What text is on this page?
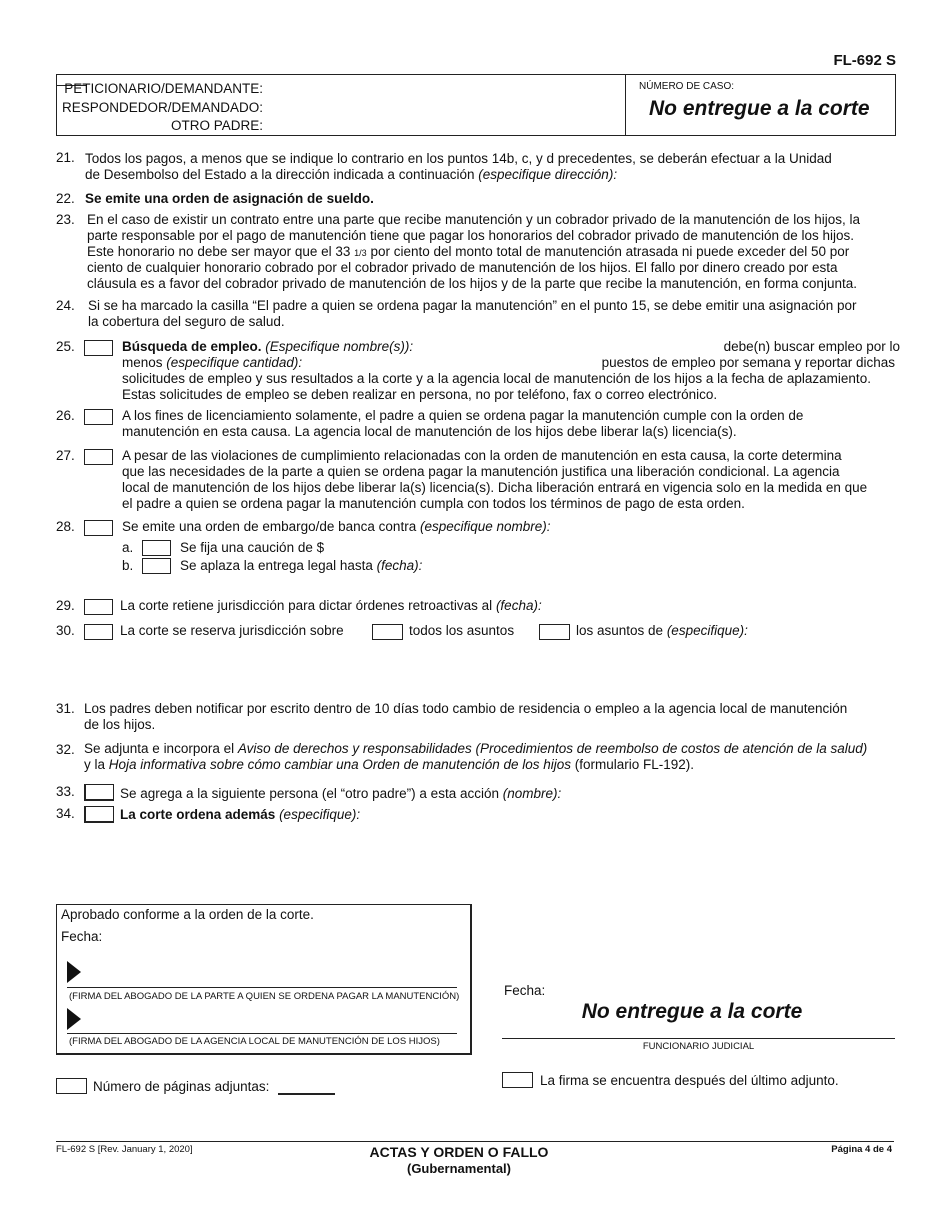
FL-692 S
PETICIONARIO/DEMANDANTE:
RESPONDEDOR/DEMANDADO:
OTRO PADRE:
NÚMERO DE CASO:
No entregue a la corte
21. Todos los pagos, a menos que se indique lo contrario en los puntos 14b, c, y d precedentes, se deberán efectuar a la Unidad
de Desembolso del Estado a la dirección indicada a continuación (especifique dirección):
22. Se emite una orden de asignación de sueldo.
23. En el caso de existir un contrato entre una parte que recibe manutención y un cobrador privado de la manutención de los hijos, la
parte responsable por el pago de manutención tiene que pagar los honorarios del cobrador privado de manutención de los hijos.
Este honorario no debe ser mayor que el 33 1/3 por ciento del monto total de manutención atrasada ni puede exceder del 50 por
ciento de cualquier honorario cobrado por el cobrador privado de manutención de los hijos. El fallo por dinero creado por esta
cláusula es a favor del cobrador privado de manutención de los hijos y de la parte que recibe la manutención, en forma conjunta.
24. Si se ha marcado la casilla “El padre a quien se ordena pagar la manutención” en el punto 15, se debe emitir una asignación por
la cobertura del seguro de salud.
25.	Búsqueda de empleo. (Especifique nombre(s)):	debe(n) buscar empleo por lo
menos (especifique cantidad):	puestos de empleo por semana y reportar dichas
solicitudes de empleo y sus resultados a la corte y a la agencia local de manutención de los hijos a la fecha de aplazamiento.
Estas solicitudes de empleo se deben realizar en persona, no por teléfono, fax o correo electrónico.
26.	A los fines de licenciamiento solamente, el padre a quien se ordena pagar la manutención cumple con la orden de
manutención en esta causa. La agencia local de manutención de los hijos debe liberar la(s) licencia(s).
27.	A pesar de las violaciones de cumplimiento relacionadas con la orden de manutención en esta causa, la corte determina
que las necesidades de la parte a quien se ordena pagar la manutención justifica una liberación condicional. La agencia
local de manutención de los hijos debe liberar la(s) licencia(s). Dicha liberación entrará en vigencia solo en la medida en que
el padre a quien se ordena pagar la manutención cumpla con todos los términos de pago de esta orden.
28.	Se emite una orden de embargo/de banca contra (especifique nombre):
a.	Se fija una caución de $
b.	Se aplaza la entrega legal hasta (fecha):
29.	La corte retiene jurisdicción para dictar órdenes retroactivas al (fecha):
30.	La corte se reserva jurisdicción sobre	todos los asuntos	los asuntos de (especifique):
31. Los padres deben notificar por escrito dentro de 10 días todo cambio de residencia o empleo a la agencia local de manutención
de los hijos.
32. Se adjunta e incorpora el Aviso de derechos y responsabilidades (Procedimientos de reembolso de costos de atención de la salud)
y la Hoja informativa sobre cómo cambiar una Orden de manutención de los hijos (formulario FL-192).
33.	Se agrega a la siguiente persona (el “otro padre”) a esta acción (nombre):
34.	La corte ordena además (especifique):
Aprobado conforme a la orden de la corte.
Fecha:
(FIRMA DEL ABOGADO DE LA PARTE A QUIEN SE ORDENA PAGAR LA MANUTENCIÓN)
(FIRMA DEL ABOGADO DE LA AGENCIA LOCAL DE MANUTENCIÓN DE LOS HIJOS)
Fecha:
No entregue a la corte
FUNCIONARIO JUDICIAL
Número de páginas adjuntas:	La firma se encuentra después del último adjunto.
FL-692 S [Rev. January 1, 2020]	ACTAS Y ORDEN O FALLO
(Gubernamental)
Página 4 de 4
